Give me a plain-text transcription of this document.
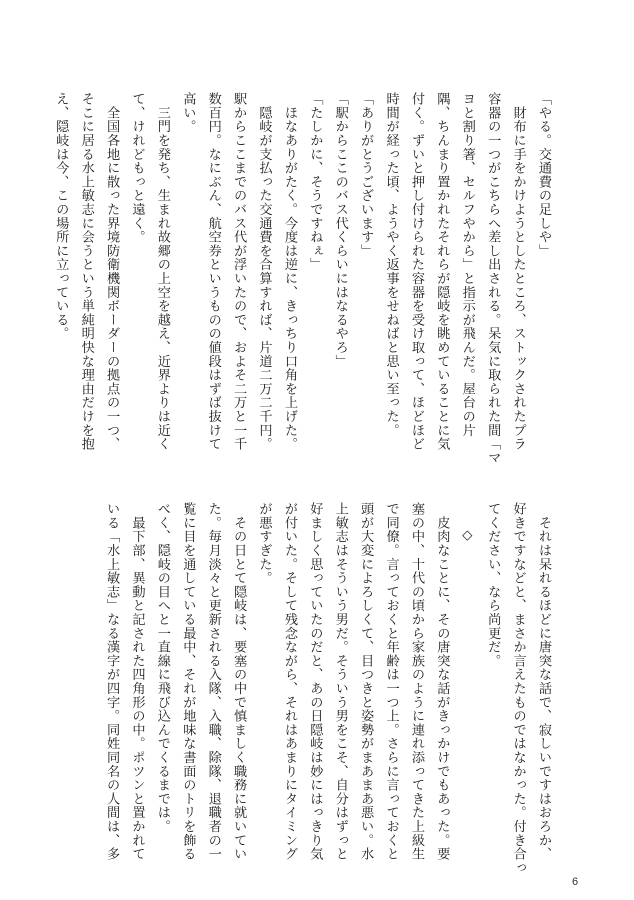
「やる。交通費の足しや」
　財布に手をかけようとしたところ、ストックされたプラ
容器の一つがこちらへ差し出される。呆気に取られた間「マ
ヨと割り箸、セルフやから」と指示が飛んだ。屋台の片
隅、ちんまり置かれたそれらが隠岐を眺めていることに気
付く。ずいと押し付けられた容器を受け取って、ほどほど
時間が経った頃、ようやく返事をせねばと思い至った。
「ありがとうございます」
「駅からここのバス代くらいにはなるやろ」
「たしかに、そうですねぇ」
　ほなありがたく。今度は逆に、きっちり口角を上げた。
　隠岐が支払った交通費を合算すれば、片道二万二千円。
駅からここまでのバス代が浮いたので、およそ二万と一千
数百円。なにぶん、航空券というものの値段はずば抜けて
高い。
　三門を発ち、生まれ故郷の上空を越え、近界よりは近く
て、けれどもっと遠く。
　全国各地に散った界境防衛機関ボーダーの拠点の一つ、
そこに居る水上敏志に会うという単純明快な理由だけを抱
え、隠岐は今、この場所に立っている。
　それは呆れるほどに唐突な話で、寂しいですはおろか、
好きですなどと、まさか言えたものではなかった。付き合っ
てください、なら尚更だ。
◇
　皮肉なことに、その唐突な話がきっかけでもあった。要
塞の中、十代の頃から家族のように連れ添ってきた上級生
で同僚。言っておくと年齢は一つ上。さらに言っておくと
頭が大変によろしくて、目つきと姿勢がまあまあ悪い。水
上敏志はそういう男だ。そういう男をこそ、自分はずっと
好ましく思っていたのだと、あの日隠岐は妙にはっきり気
が付いた。そして残念ながら、それはあまりにタイミング
が悪すぎた。
　その日とて隠岐は、要塞の中で慎ましく職務に就いてい
た。毎月淡々と更新される入隊、入職、除隊、退職者の一
覧に目を通している最中、それが地味な書面のトリを飾る
べく、隠岐の目へと一直線に飛び込んでくるまでは。
　最下部、異動と記された四角形の中。ポツンと置かれて
いる「水上敏志」なる漢字が四字。同姓同名の人間は、多
6
